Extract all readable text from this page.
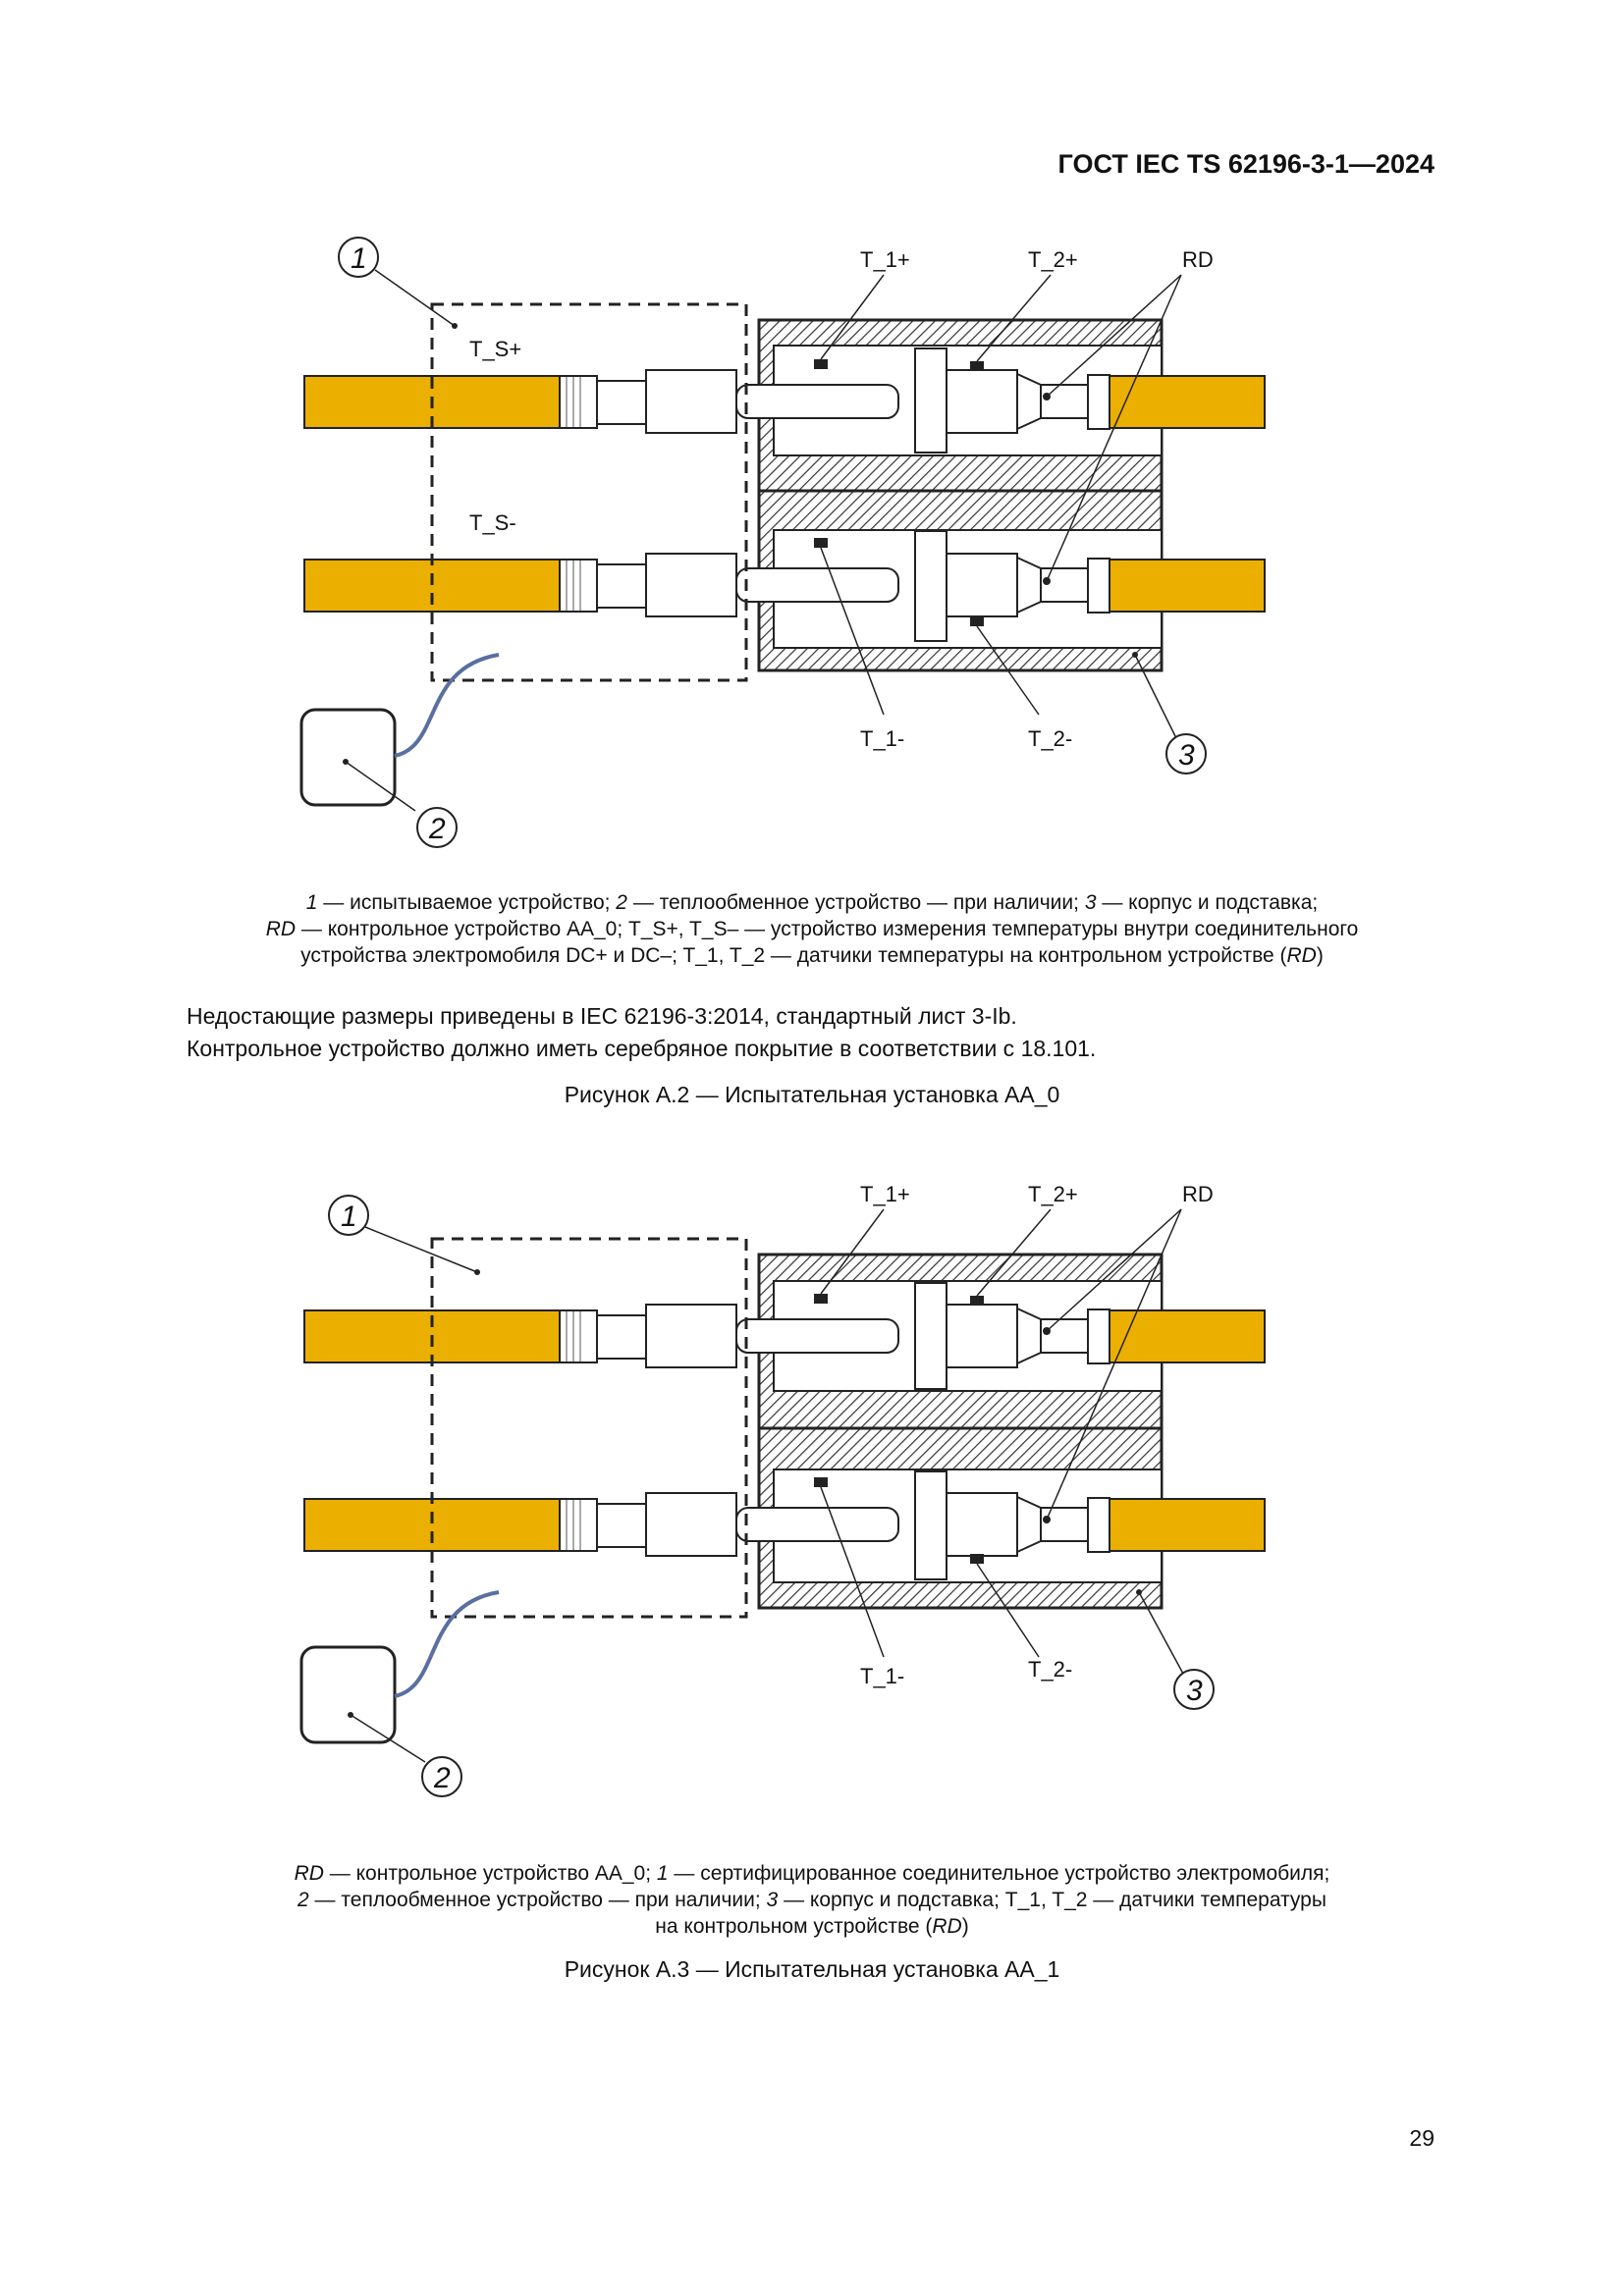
ГОСТ IEC TS 62196-3-1—2024
1
2
3
T_1+	T_2+	RD
T_S+
T_S-
T_1-	T_2-
1 — испытываемое устройство; 2 — теплообменное устройство — при наличии; 3 — корпус и подставка;
RD — контрольное устройство АА_0; T_S+, T_S– — устройство измерения температуры внутри соединительного
устройства электромобиля DC+ и DC–; T_1, T_2 — датчики температуры на контрольном устройстве (RD)
Недостающие размеры приведены в IEC 62196-3:2014, стандартный лист 3-Ib.
Контрольное устройство должно иметь серебряное покрытие в соответствии с 18.101.
Рисунок А.2 — Испытательная установка АА_0
1
2
3
T_1+	T_2+	RD
T_1-	T_2-
RD — контрольное устройство АА_0; 1 — сертифицированное соединительное устройство электромобиля;
2 — теплообменное устройство — при наличии; 3 — корпус и подставка; T_1, T_2 — датчики температуры
на контрольном устройстве (RD)
Рисунок А.3 — Испытательная установка АА_1
29
